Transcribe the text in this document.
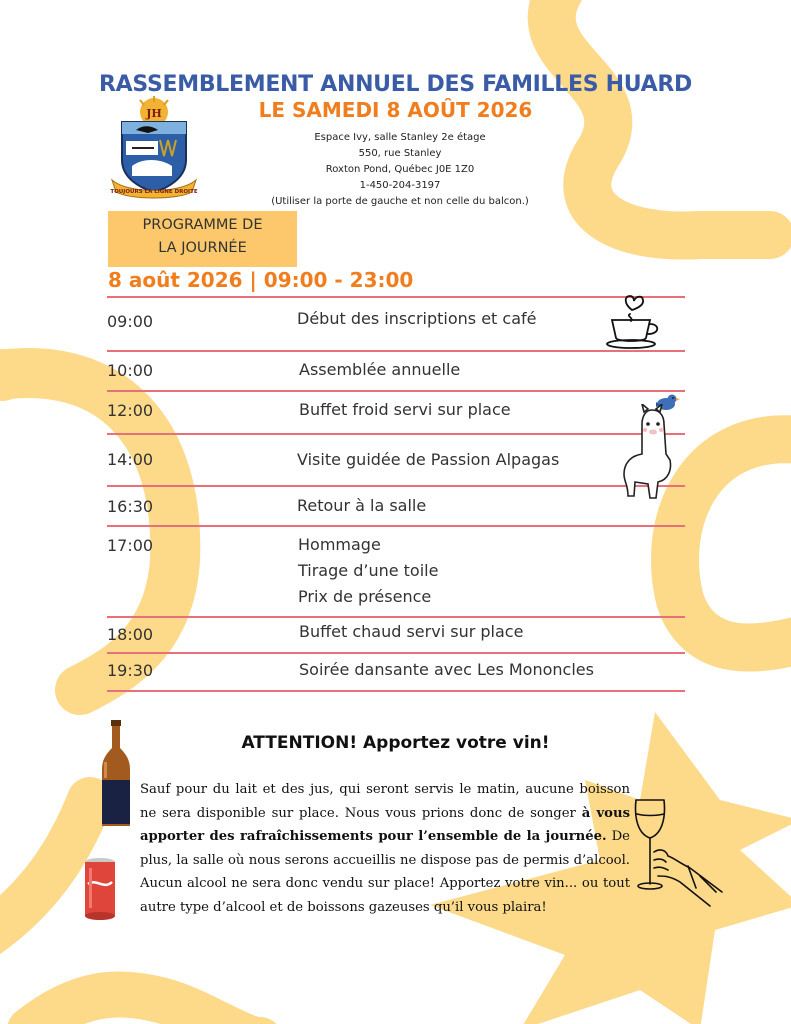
JH
TOUJOURS LA LIGNE DROITE
RASSEMBLEMENT ANNUEL DES FAMILLES HUARD
LE SAMEDI 8 AOÛT 2026
Espace Ivy, salle Stanley 2e étage
550, rue Stanley
Roxton Pond, Québec J0E 1Z0
1-450-204-3197
(Utiliser la porte de gauche et non celle du balcon.)
PROGRAMME DE
LA JOURNÉE
8 août 2026 | 09:00 - 23:00
09:00	Début des inscriptions et café
10:00	Assemblée annuelle
12:00	Buffet froid servi sur place
14:00	Visite guidée de Passion Alpagas
16:30	Retour à la salle
17:00	Hommage
Tirage d’une toile
Prix de présence
18:00	Buffet chaud servi sur place
19:30	Soirée dansante avec Les Mononcles
ATTENTION! Apportez votre vin!
Sauf pour du lait et des jus, qui seront servis le matin, aucune boisson ne sera disponible sur place. Nous vous prions donc de songer à vous apporter des rafraîchissements pour l’ensemble de la journée. De plus, la salle où nous serons accueillis ne dispose pas de permis d’alcool. Aucun alcool ne sera donc vendu sur place! Apportez votre vin... ou tout autre type d’alcool et de boissons gazeuses qu’il vous plaira!
